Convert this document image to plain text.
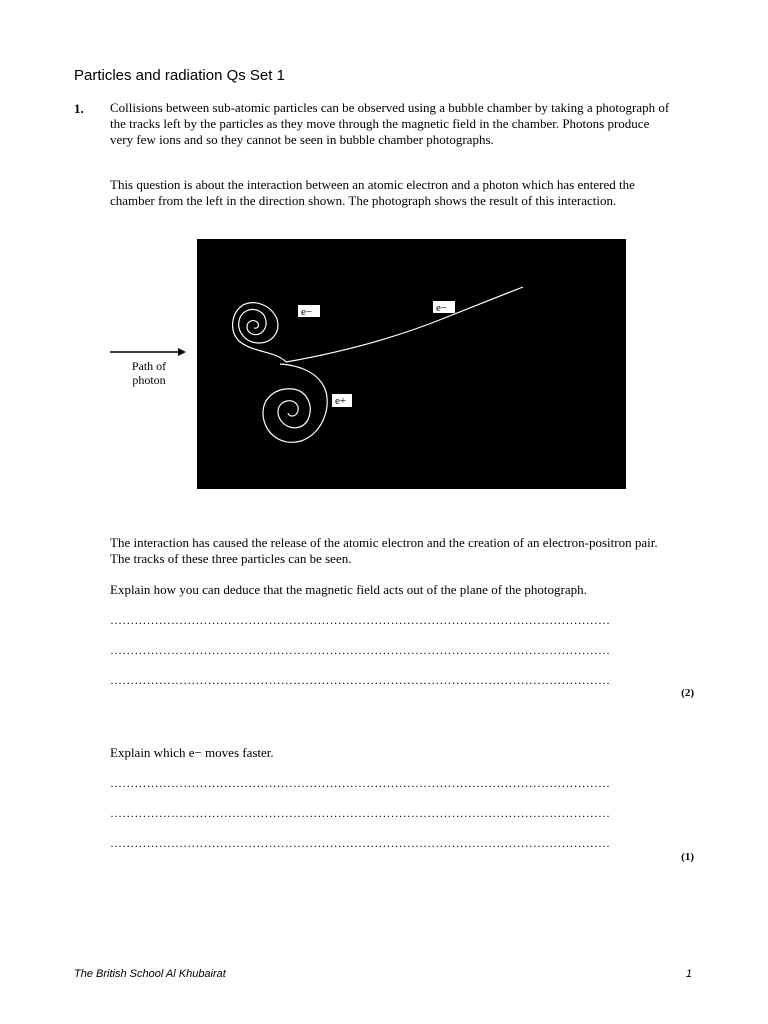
Particles and radiation Qs Set 1
1. Collisions between sub-atomic particles can be observed using a bubble chamber by taking a photograph of the tracks left by the particles as they move through the magnetic field in the chamber. Photons produce very few ions and so they cannot be seen in bubble chamber photographs.

This question is about the interaction between an atomic electron and a photon which has entered the chamber from the left in the direction shown. The photograph shows the result of this interaction.

Path of
photon
e−	e−
e+

The interaction has caused the release of the atomic electron and the creation of an electron-positron pair. The tracks of these three particles can be seen.

Explain how you can deduce that the magnetic field acts out of the plane of the photograph.
……………………………………………………………………………………………………………
……………………………………………………………………………………………………………
……………………………………………………………………………………………………………
(2)
Explain which e− moves faster.
……………………………………………………………………………………………………………
……………………………………………………………………………………………………………
……………………………………………………………………………………………………………
(1)
The British School Al Khubairat	1
